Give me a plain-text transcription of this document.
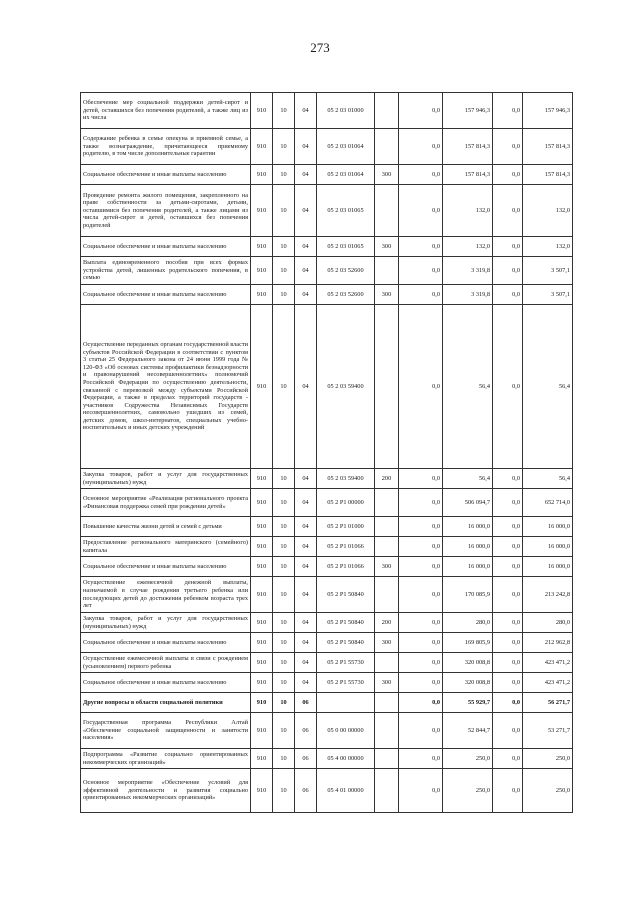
273
Обеспечение мер социальной поддержки детей-сирот и детей, оставшихся без попечения родителей, а также лиц из их числа	910	10	04	05 2 03 01000		0,0	157 946,3	0,0	157 946,3
Содержание ребенка в семье опекуна и приемной семье, а также вознаграждение, причитающееся приемному родителю, в том числе дополнительные гарантии	910	10	04	05 2 03 01064		0,0	157 814,3	0,0	157 814,3
Социальное обеспечение и иные выплаты населению	910	10	04	05 2 03 01064	300	0,0	157 814,3	0,0	157 814,3
Проведение ремонта жилого помещения, закрепленного на праве собственности за детьми-сиротами, детьми, оставшимися без попечения родителей, а также лицами из числа детей-сирот и детей, оставшихся без попечения родителей	910	10	04	05 2 03 01065		0,0	132,0	0,0	132,0
Социальное обеспечение и иные выплаты населению	910	10	04	05 2 03 01065	300	0,0	132,0	0,0	132,0
Выплата единовременного пособия при всех формах устройства детей, лишенных родительского попечения, в семью	910	10	04	05 2 03 52600		0,0	3 319,8	0,0	3 507,1
Социальное обеспечение и иные выплаты населению	910	10	04	05 2 03 52600	300	0,0	3 319,8	0,0	3 507,1
Осуществление переданных органам государственной власти субъектов Российской Федерации в соответствии с пунктом 3 статьи 25 Федерального закона от 24 июня 1999 года № 120-ФЗ «Об основах системы профилактики безнадзорности и правонарушений несовершеннолетних» полномочий Российской Федерации по осуществлению деятельности, связанной с перевозкой между субъектами Российской Федерации, а также в пределах территорий государств - участников Содружества Независимых Государств несовершеннолетних, самовольно ушедших из семей, детских домов, школ-интернатов, специальных учебно-воспитательных и иных детских учреждений	910	10	04	05 2 03 59400		0,0	56,4	0,0	56,4
Закупка товаров, работ и услуг для государственных (муниципальных) нужд	910	10	04	05 2 03 59400	200	0,0	56,4	0,0	56,4
Основное мероприятие «Реализация регионального проекта «Финансовая поддержка семей при рождении детей»	910	10	04	05 2 P1 00000		0,0	506 094,7	0,0	652 714,0
Повышение качества жизни детей и семей с детьми	910	10	04	05 2 P1 01000		0,0	16 000,0	0,0	16 000,0
Предоставление регионального материнского (семейного) капитала	910	10	04	05 2 P1 01066		0,0	16 000,0	0,0	16 000,0
Социальное обеспечение и иные выплаты населению	910	10	04	05 2 P1 01066	300	0,0	16 000,0	0,0	16 000,0
Осуществление ежемесячной денежной выплаты, назначаемой в случае рождения третьего ребенка или последующих детей до достижения ребенком возраста трех лет	910	10	04	05 2 P1 50840		0,0	170 085,9	0,0	213 242,8
Закупка товаров, работ и услуг для государственных (муниципальных) нужд	910	10	04	05 2 P1 50840	200	0,0	280,0	0,0	280,0
Социальное обеспечение и иные выплаты населению	910	10	04	05 2 P1 50840	300	0,0	169 805,9	0,0	212 962,8
Осуществление ежемесячной выплаты в связи с рождением (усыновлением) первого ребенка	910	10	04	05 2 P1 55730		0,0	320 008,8	0,0	423 471,2
Социальное обеспечение и иные выплаты населению	910	10	04	05 2 P1 55730	300	0,0	320 008,8	0,0	423 471,2
Другие вопросы в области социальной политики	910	10	06			0,0	55 929,7	0,0	56 271,7
Государственная программа Республики Алтай «Обеспечение социальной защищенности и занятости населения»	910	10	06	05 0 00 00000		0,0	52 844,7	0,0	53 271,7
Подпрограмма «Развитие социально ориентированных некоммерческих организаций»	910	10	06	05 4 00 00000		0,0	250,0	0,0	250,0
Основное мероприятие «Обеспечение условий для эффективной деятельности и развития социально ориентированных некоммерческих организаций»	910	10	06	05 4 01 00000		0,0	250,0	0,0	250,0
